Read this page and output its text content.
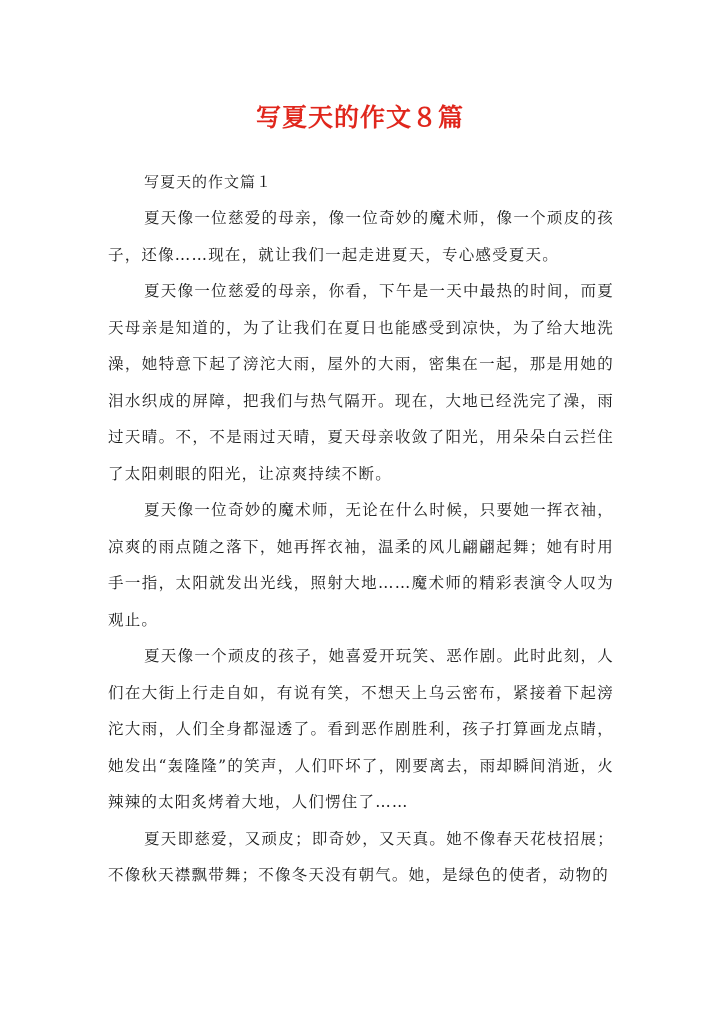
写夏天的作文８篇

写夏天的作文篇１

夏天像一位慈爱的母亲，像一位奇妙的魔术师，像一个顽皮的孩子，还像……现在，就让我们一起走进夏天，专心感受夏天。

夏天像一位慈爱的母亲，你看，下午是一天中最热的时间，而夏天母亲是知道的，为了让我们在夏日也能感受到凉快，为了给大地洗澡，她特意下起了滂沱大雨，屋外的大雨，密集在一起，那是用她的泪水织成的屏障，把我们与热气隔开。现在，大地已经洗完了澡，雨过天晴。不，不是雨过天晴，夏天母亲收敛了阳光，用朵朵白云拦住了太阳刺眼的阳光，让凉爽持续不断。

夏天像一位奇妙的魔术师，无论在什么时候，只要她一挥衣袖，凉爽的雨点随之落下，她再挥衣袖，温柔的风儿翩翩起舞；她有时用手一指，太阳就发出光线，照射大地……魔术师的精彩表演令人叹为观止。

夏天像一个顽皮的孩子，她喜爱开玩笑、恶作剧。此时此刻，人们在大街上行走自如，有说有笑，不想天上乌云密布，紧接着下起滂沱大雨，人们全身都湿透了。看到恶作剧胜利，孩子打算画龙点睛，她发出“轰隆隆”的笑声，人们吓坏了，刚要离去，雨却瞬间消逝，火辣辣的太阳炙烤着大地，人们愣住了……

夏天即慈爱，又顽皮；即奇妙，又天真。她不像春天花枝招展；不像秋天襟飘带舞；不像冬天没有朝气。她，是绿色的使者，动物的
